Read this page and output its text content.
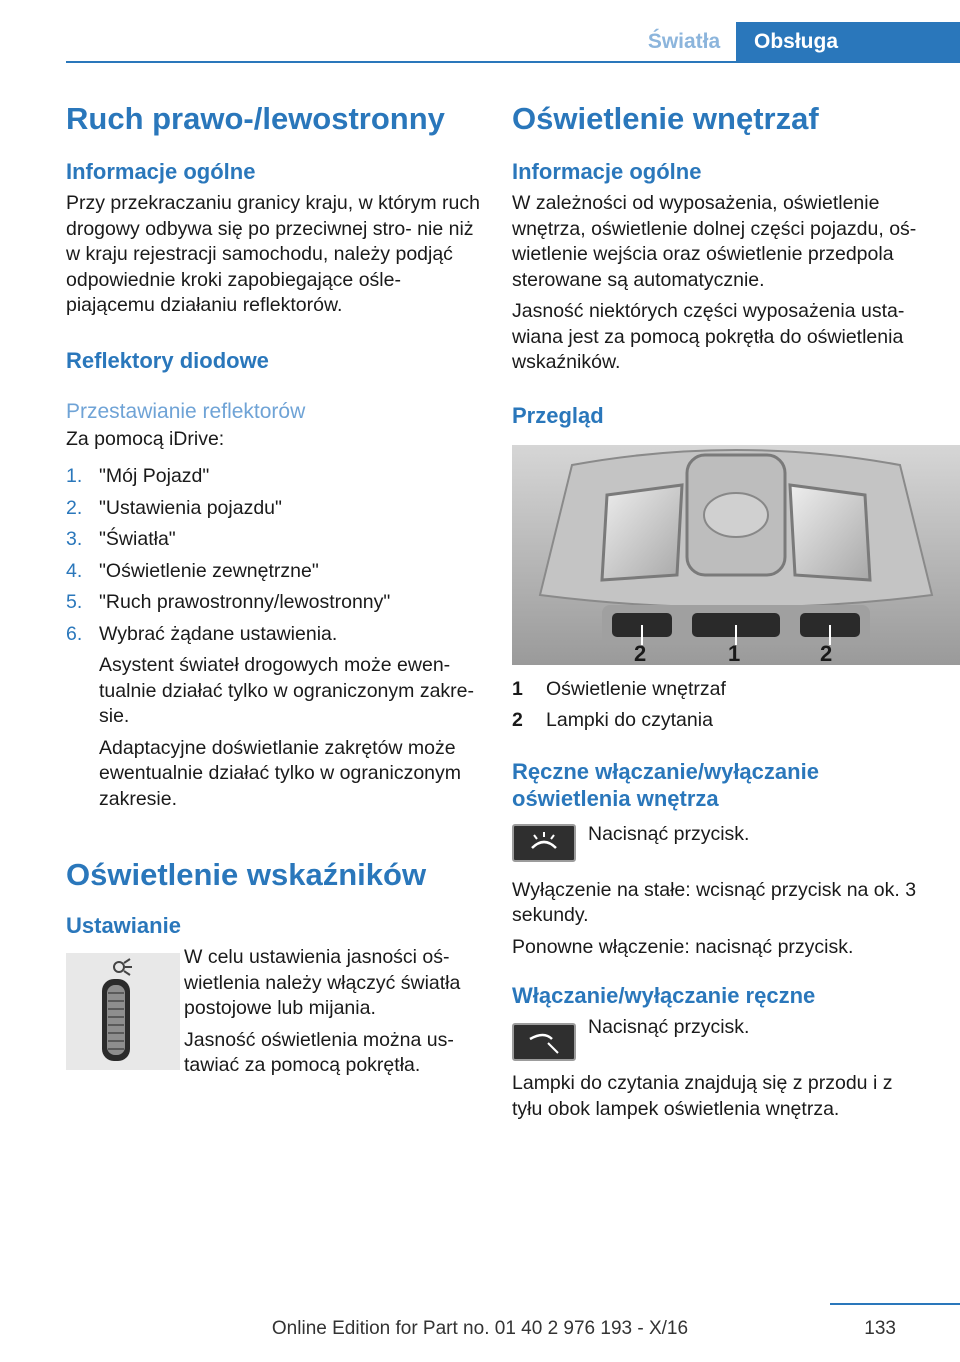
Światła	Obsługa
Ruch prawo-/lewostronny
Informacje ogólne

Przy przekraczaniu granicy kraju, w którym ruch drogowy odbywa się po przeciwnej stro‐ nie niż w kraju rejestracji samochodu, należy podjąć odpowiednie kroki zapobiegające ośle‐ piającemu działaniu reflektorów.

Reflektory diodowe
Przestawianie reflektorów

Za pomocą iDrive:

1. "Mój Pojazd"
2. "Ustawienia pojazdu"
3. "Światła"
4. "Oświetlenie zewnętrzne"
5. "Ruch prawostronny/lewostronny"
6. Wybrać żądane ustawienia.
Asystent świateł drogowych może ewen‐ tualnie działać tylko w ograniczonym zakre‐ sie.
Adaptacyjne doświetlanie zakrętów może ewentualnie działać tylko w ograniczonym zakresie.
Oświetlenie wskaźników
Ustawianie

W celu ustawienia jasności oś‐ wietlenia należy włączyć światła postojowe lub mijania.

Jasność oświetlenia można us‐ tawiać za pomocą pokrętła.

Oświetlenie wnętrzaf
Informacje ogólne

W zależności od wyposażenia, oświetlenie wnętrza, oświetlenie dolnej części pojazdu, oś‐ wietlenie wejścia oraz oświetlenie przedpola sterowane są automatycznie.

Jasność niektórych części wyposażenia usta‐ wiana jest za pomocą pokrętła do oświetlenia wskaźników.

Przegląd
2	1	2
1 Oświetlenie wnętrzaf
2 Lampki do czytania
Ręczne włączanie/wyłączanie oświetlenia wnętrza

Nacisnąć przycisk.

Wyłączenie na stałe: wcisnąć przycisk na ok. 3 sekundy.

Ponowne włączenie: nacisnąć przycisk.

Włączanie/wyłączanie ręczne

Nacisnąć przycisk.

Lampki do czytania znajdują się z przodu i z tyłu obok lampek oświetlenia wnętrza.

133
Online Edition for Part no. 01 40 2 976 193 - X/16
